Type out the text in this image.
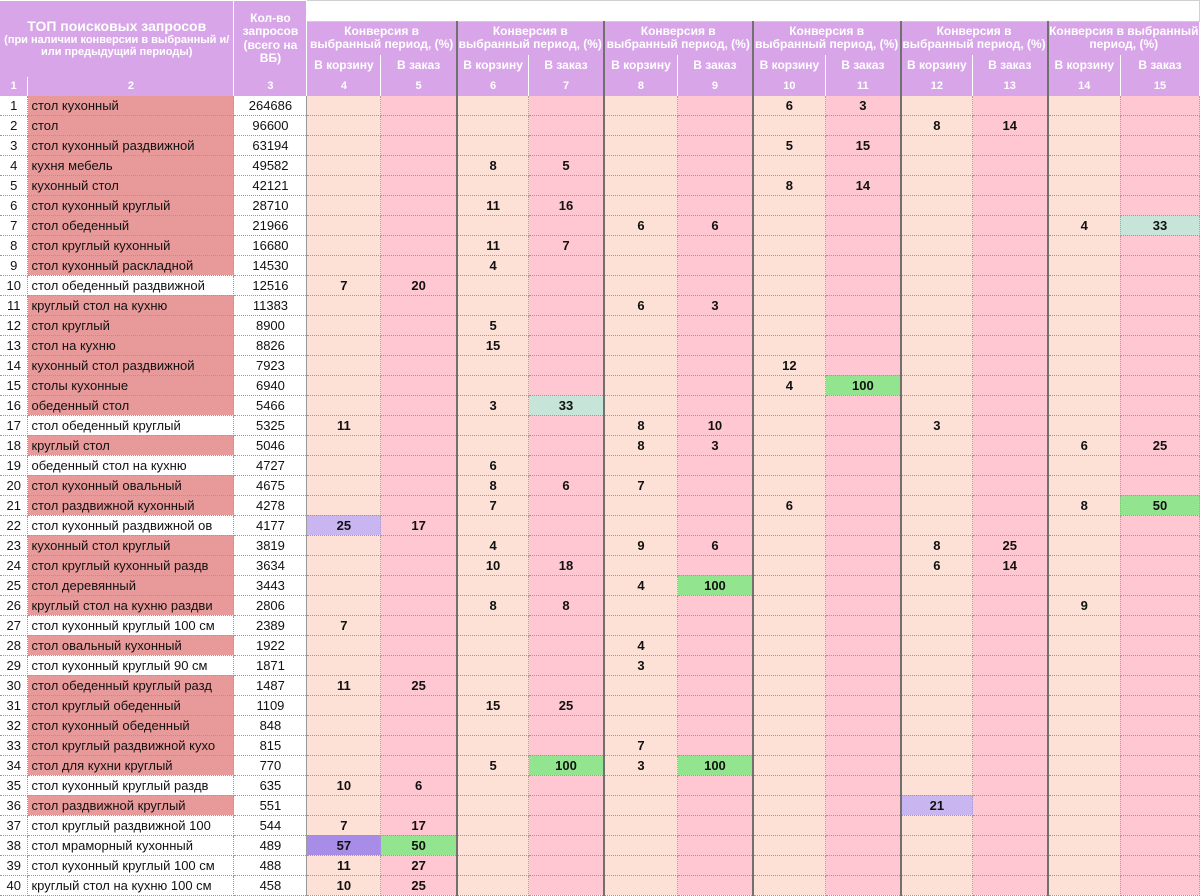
ТОП поисковых запросов
(при наличии конверсии в выбранный и/или предыдущий периоды)		Кол-во запросов (всего на ВБ)												
			Конверсия в выбранный период, (%)		Конверсия в выбранный период, (%)		Конверсия в выбранный период, (%)		Конверсия в выбранный период, (%)		Конверсия в выбранный период, (%)		Конверсия в выбранный период, (%)	
			В корзину	В заказ	В корзину	В заказ	В корзину	В заказ	В корзину	В заказ	В корзину	В заказ	В корзину	В заказ
1	2	3	4	5	6	7	8	9	10	11	12	13	14	15
1	стол кухонный	264686							6	3				
2	стол	96600									8	14		
3	стол кухонный раздвижной	63194							5	15				
4	кухня мебель	49582			8	5								
5	кухонный стол	42121							8	14				
6	стол кухонный круглый	28710			11	16								
7	стол обеденный	21966					6	6					4	33
8	стол круглый кухонный	16680			11	7								
9	стол кухонный раскладной	14530			4									
10	стол обеденный раздвижной	12516	7	20										
11	круглый стол на кухню	11383					6	3						
12	стол круглый	8900			5									
13	стол на кухню	8826			15									
14	кухонный стол раздвижной	7923							12					
15	столы кухонные	6940							4	100				
16	обеденный стол	5466			3	33								
17	стол обеденный круглый	5325	11				8	10			3			
18	круглый стол	5046					8	3					6	25
19	обеденный стол на кухню	4727			6									
20	стол кухонный овальный	4675			8	6	7							
21	стол раздвижной кухонный	4278			7				6				8	50
22	стол кухонный раздвижной ов	4177	25	17										
23	кухонный стол круглый	3819			4		9	6			8	25		
24	стол круглый кухонный раздв	3634			10	18					6	14		
25	стол деревянный	3443					4	100						
26	круглый стол на кухню раздви	2806			8	8							9	
27	стол кухонный круглый 100 см	2389	7											
28	стол овальный кухонный	1922					4							
29	стол кухонный круглый 90 см	1871					3							
30	стол обеденный круглый разд	1487	11	25										
31	стол круглый обеденный	1109			15	25								
32	стол кухонный обеденный	848												
33	стол круглый раздвижной кухо	815					7							
34	стол для кухни круглый	770			5	100	3	100						
35	стол кухонный круглый раздв	635	10	6										
36	стол раздвижной круглый	551									21			
37	стол круглый раздвижной 100	544	7	17										
38	стол мраморный кухонный	489	57	50										
39	стол кухонный круглый 100 см	488	11	27										
40	круглый стол на кухню 100 см	458	10	25										
